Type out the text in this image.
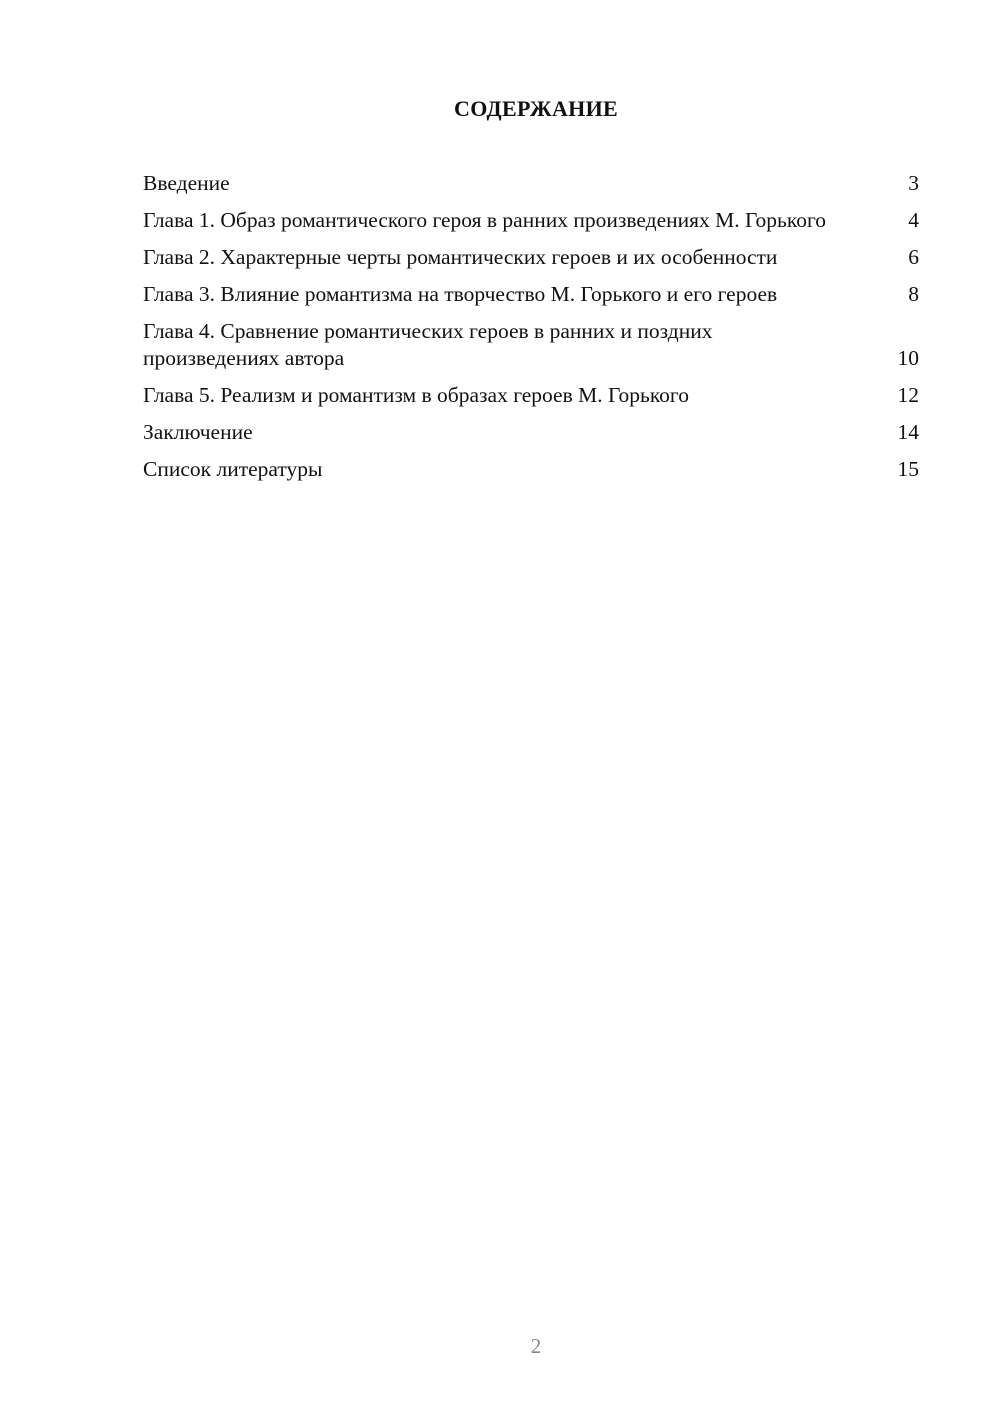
СОДЕРЖАНИЕ
Введение	3
Глава 1. Образ романтического героя в ранних произведениях М. Горького	4
Глава 2. Характерные черты романтических героев и их особенности	6
Глава 3. Влияние романтизма на творчество М. Горького и его героев	8
Глава 4. Сравнение романтических героев в ранних и поздних произведениях автора	10
Глава 5. Реализм и романтизм в образах героев М. Горького	12
Заключение	14
Список литературы	15

2
